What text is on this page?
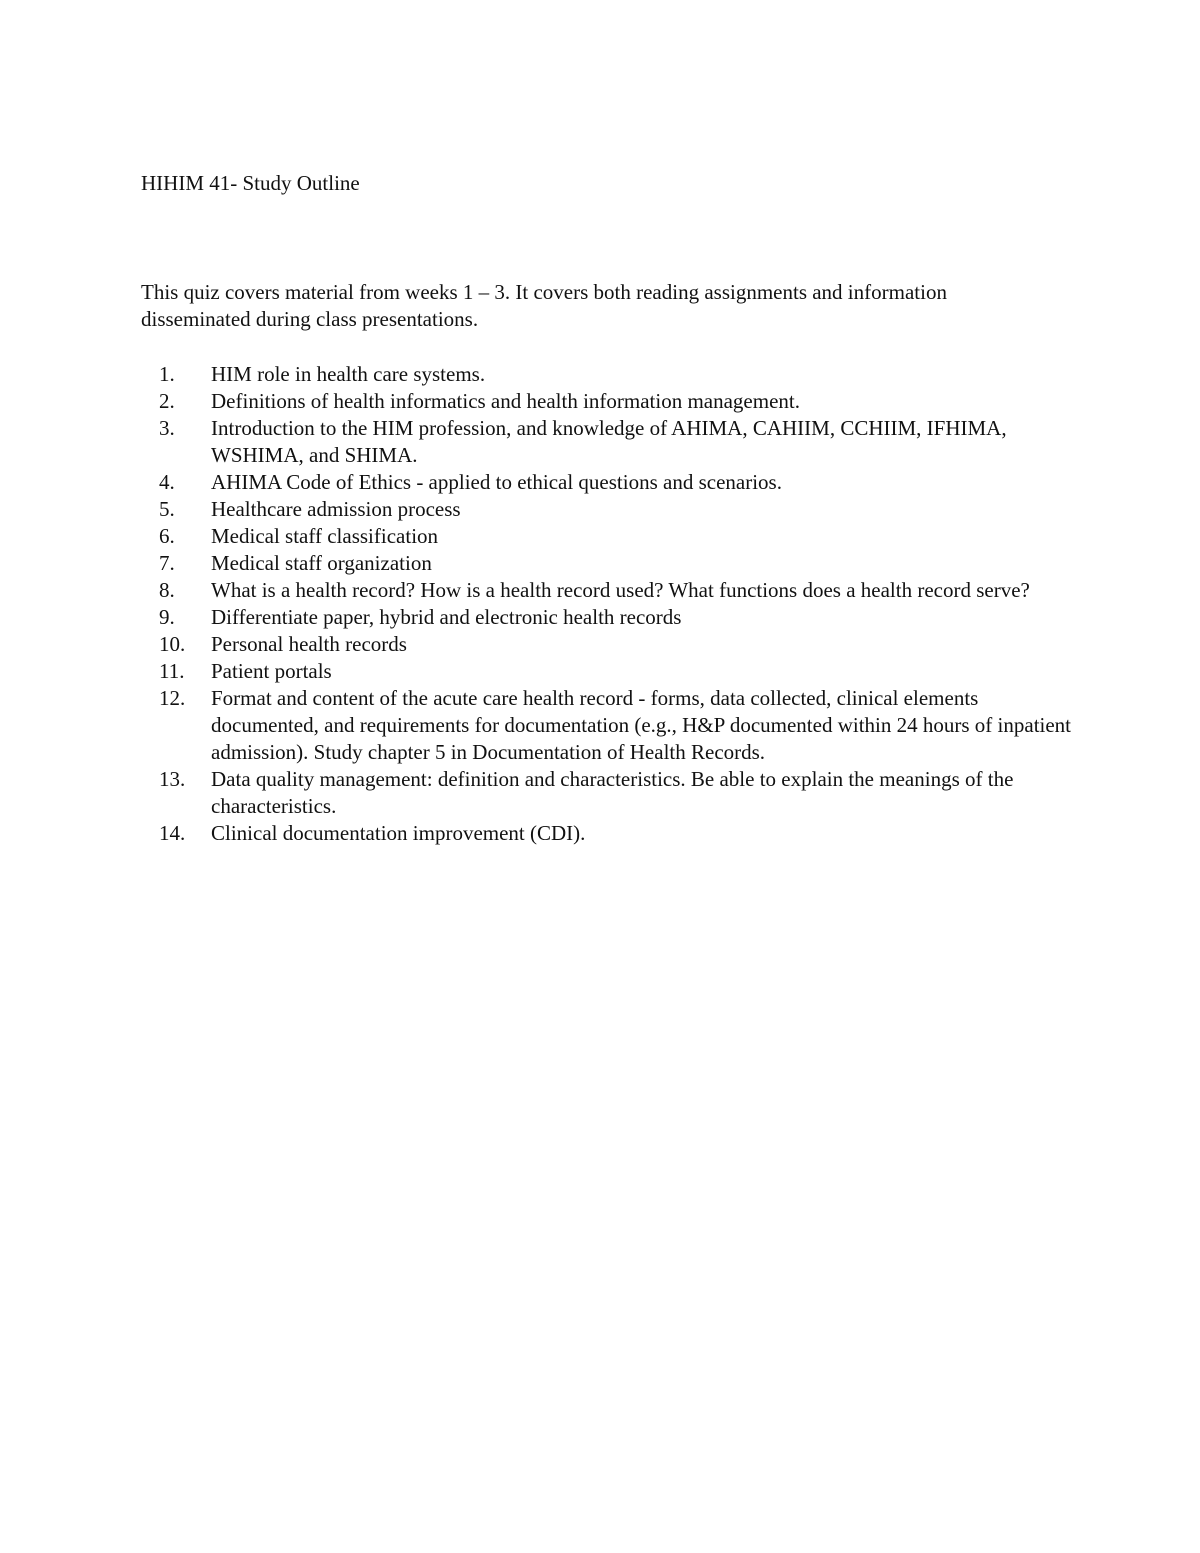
HIHIM 41- Study Outline
This quiz covers material from weeks 1 – 3. It covers both reading assignments and information disseminated during class presentations.
1.	HIM role in health care systems.
2.	Definitions of health informatics and health information management.
3.	Introduction to the HIM profession, and knowledge of AHIMA, CAHIIM, CCHIIM, IFHIMA, WSHIMA, and SHIMA.
4.	AHIMA Code of Ethics - applied to ethical questions and scenarios.
5.	Healthcare admission process
6.	Medical staff classification
7.	Medical staff organization
8.	What is a health record? How is a health record used? What functions does a health record serve?
9.	Differentiate paper, hybrid and electronic health records
10.	Personal health records
11.	Patient portals
12.	Format and content of the acute care health record - forms, data collected, clinical elements documented, and requirements for documentation (e.g., H&P documented within 24 hours of inpatient admission). Study chapter 5 in Documentation of Health Records.
13.	Data quality management: definition and characteristics. Be able to explain the meanings of the characteristics.
14.	Clinical documentation improvement (CDI).
